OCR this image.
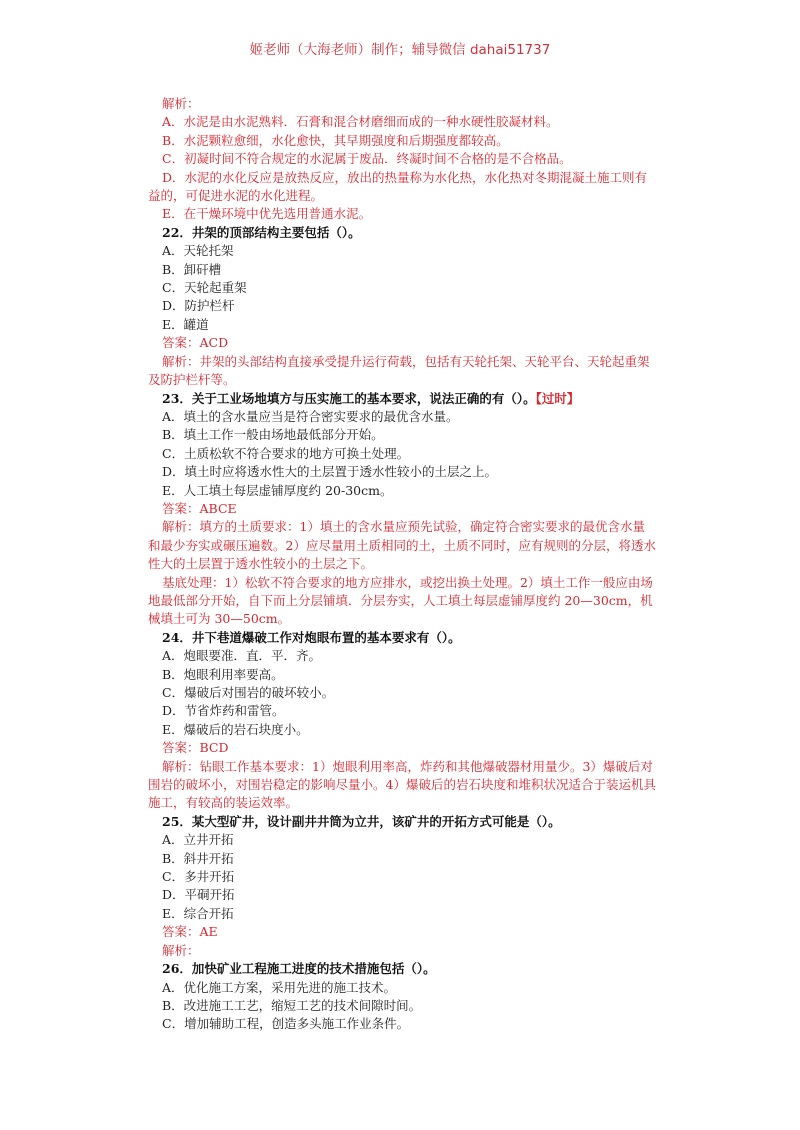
姬老师（大海老师）制作；辅导微信 dahai51737
解析：
A．水泥是由水泥熟料．石膏和混合材磨细而成的一种水硬性胶凝材料。
B．水泥颗粒愈细，水化愈快，其早期强度和后期强度都较高。
C．初凝时间不符合规定的水泥属于废品．终凝时间不合格的是不合格品。
D．水泥的水化反应是放热反应，放出的热量称为水化热，水化热对冬期混凝土施工则有益的，可促进水泥的水化进程。
E．在干燥环境中优先选用普通水泥。
22．井架的顶部结构主要包括（）。
A．天轮托架
B．卸矸槽
C．天轮起重架
D．防护栏杆
E．罐道
答案：ACD
解析：井架的头部结构直接承受提升运行荷载，包括有天轮托架、天轮平台、天轮起重架及防护栏杆等。
23．关于工业场地填方与压实施工的基本要求，说法正确的有（）。【过时】
A．填土的含水量应当是符合密实要求的最优含水量。
B．填土工作一般由场地最低部分开始。
C．土质松软不符合要求的地方可换土处理。
D．填土时应将透水性大的土层置于透水性较小的土层之上。
E．人工填土每层虚铺厚度约 20-30cm。
答案：ABCE
解析：填方的土质要求：1）填土的含水量应预先试验，确定符合密实要求的最优含水量和最少夯实或碾压遍数。2）应尽量用土质相同的土，土质不同时，应有规则的分层，将透水性大的土层置于透水性较小的土层之下。
基底处理：1）松软不符合要求的地方应排水，或挖出换土处理。2）填土工作一般应由场地最低部分开始，自下而上分层铺填．分层夯实，人工填土每层虚铺厚度约 20—30cm，机械填土可为 30—50cm。
24．井下巷道爆破工作对炮眼布置的基本要求有（）。
A．炮眼要准．直．平．齐。
B．炮眼利用率要高。
C．爆破后对围岩的破坏较小。
D．节省炸药和雷管。
E．爆破后的岩石块度小。
答案：BCD
解析：钻眼工作基本要求：1）炮眼利用率高，炸药和其他爆破器材用量少。3）爆破后对围岩的破坏小，对围岩稳定的影响尽量小。4）爆破后的岩石块度和堆积状况适合于装运机具施工，有较高的装运效率。
25．某大型矿井，设计副井井筒为立井，该矿井的开拓方式可能是（）。
A．立井开拓
B．斜井开拓
C．多井开拓
D．平硐开拓
E．综合开拓
答案：AE
解析：
26．加快矿业工程施工进度的技术措施包括（）。
A．优化施工方案，采用先进的施工技术。
B．改进施工工艺，缩短工艺的技术间隙时间。
C．增加辅助工程，创造多头施工作业条件。
